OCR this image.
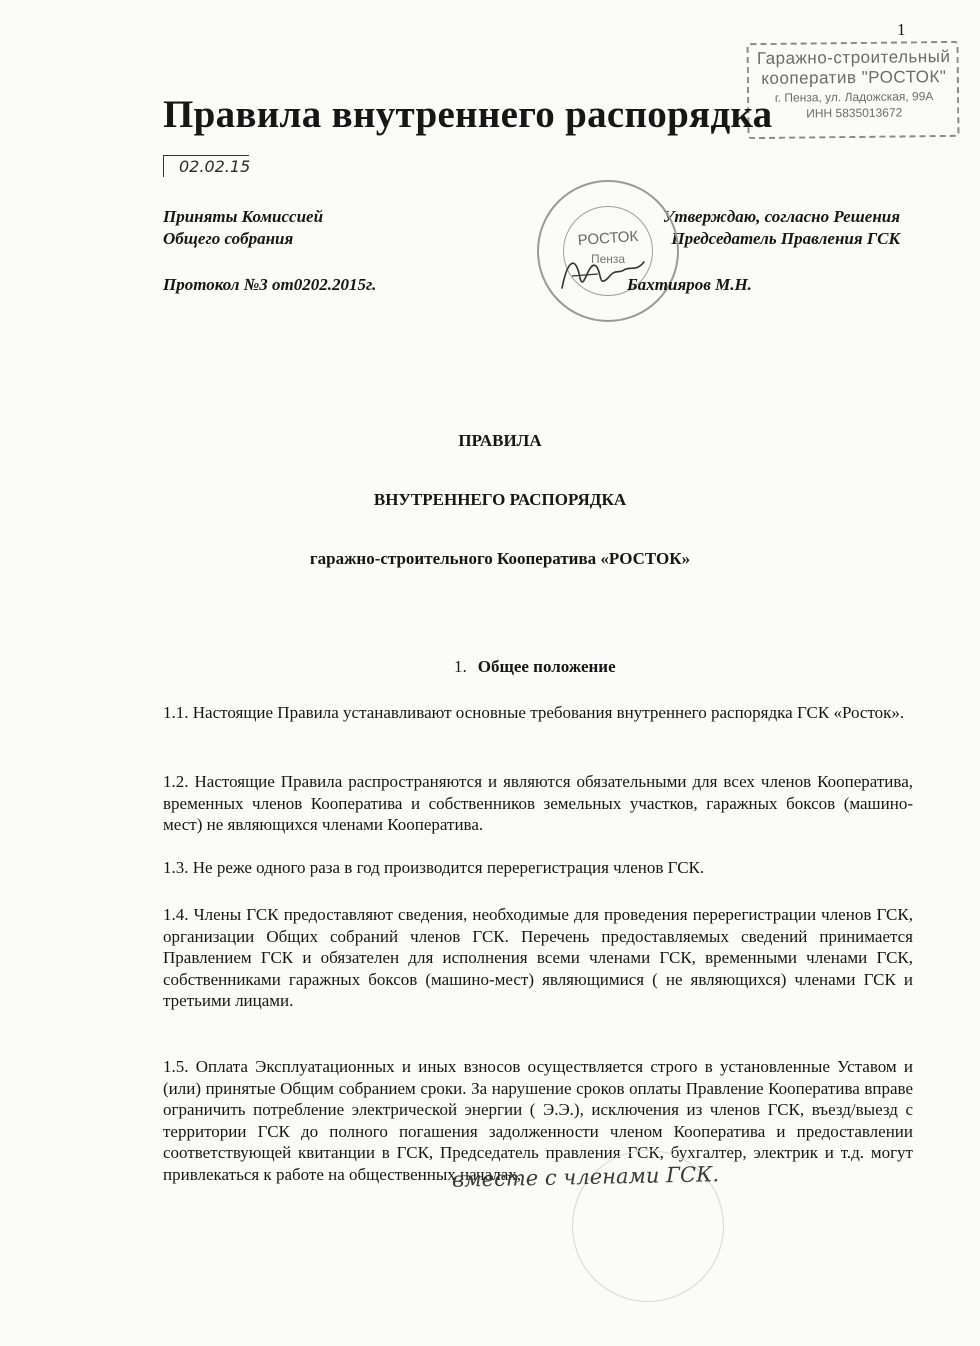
1
Гаражно-строительный
кооператив "РОСТОК"
г. Пенза, ул. Ладожская, 99А
ИНН 5835013672
Правила внутреннего распорядка
02.02.15
Приняты Комиссией
Общего собрания
Протокол №3 от0202.2015г.
Утверждаю, согласно Решения
Председатель Правления ГСК
РОСТОК
Пенза
Бахтияров М.Н.
ПРАВИЛА
ВНУТРЕННЕГО РАСПОРЯДКА
гаражно-строительного Кооператива «РОСТОК»
1. Общее положение

1.1. Настоящие Правила устанавливают основные требования внутреннего распорядка ГСК «Росток».

1.2. Настоящие Правила распространяются и являются обязательными для всех членов Кооператива, временных членов Кооператива и собственников земельных участков, гаражных боксов (машино-мест) не являющихся членами Кооператива.

1.3. Не реже одного раза в год производится перерегистрация членов ГСК.

1.4. Члены ГСК предоставляют сведения, необходимые для проведения перерегистрации членов ГСК, организации Общих собраний членов ГСК. Перечень предоставляемых сведений принимается Правлением ГСК и обязателен для исполнения всеми членами ГСК, временными членами ГСК, собственниками гаражных боксов (машино-мест) являющимися ( не являющихся) членами ГСК и третьими лицами.

1.5. Оплата Эксплуатационных и иных взносов осуществляется строго в установленные Уставом и (или) принятые Общим собранием сроки. За нарушение сроков оплаты Правление Кооператива вправе ограничить потребление электрической энергии ( Э.Э.), исключения из членов ГСК, въезд/выезд с территории ГСК до полного погашения задолженности членом Кооператива и предоставлении соответствующей квитанции в ГСК, Председатель правления ГСК, бухгалтер, электрик и т.д. могут привлекаться к работе на общественных началах,

вместе с членами ГСК.
